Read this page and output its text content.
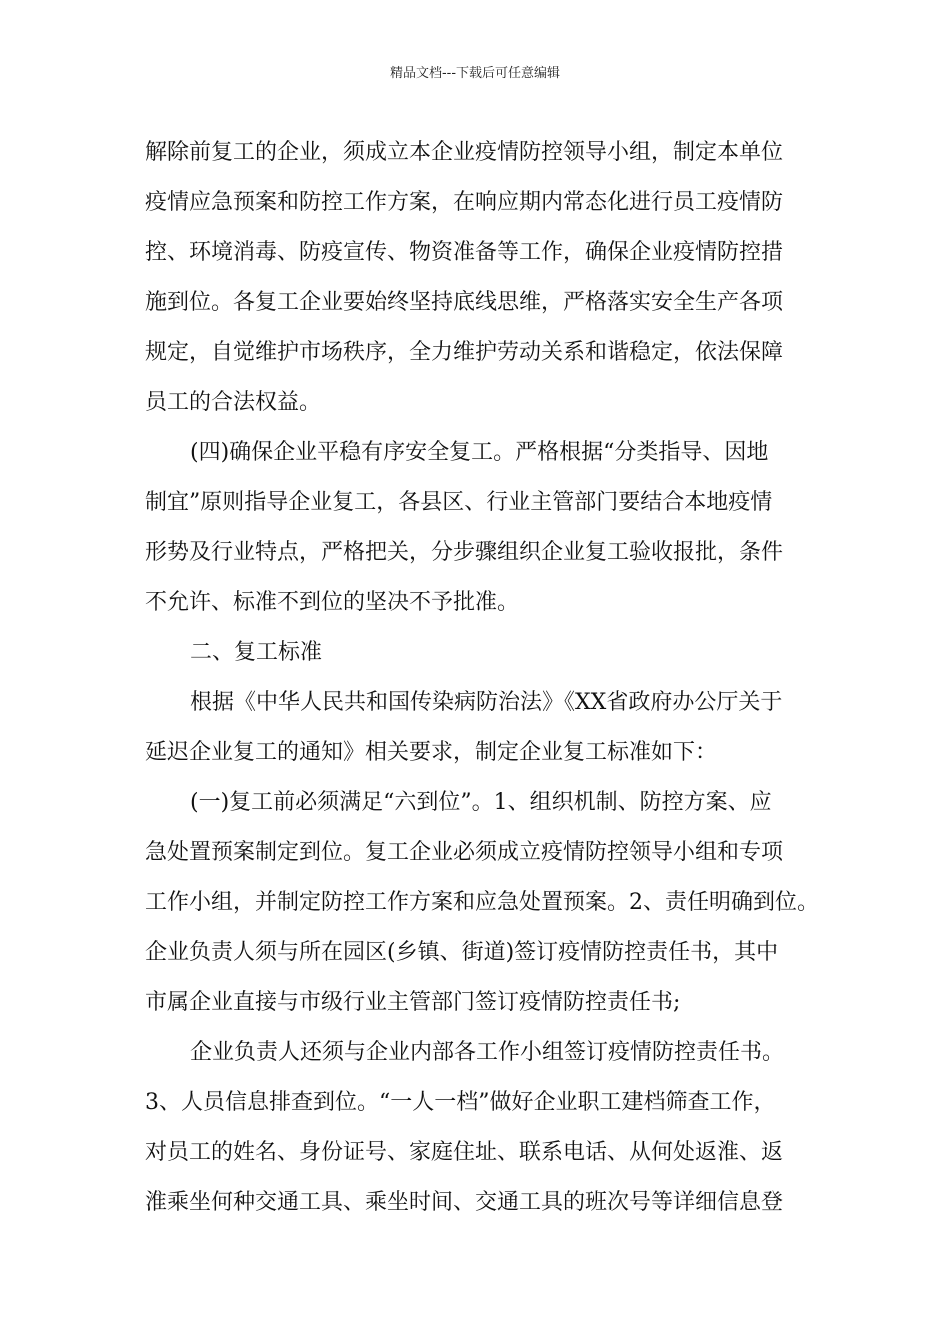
精品文档---下载后可任意编辑
解除前复工的企业，须成立本企业疫情防控领导小组，制定本单位
疫情应急预案和防控工作方案，在响应期内常态化进行员工疫情防
控、环境消毒、防疫宣传、物资准备等工作，确保企业疫情防控措
施到位。各复工企业要始终坚持底线思维，严格落实安全生产各项
规定，自觉维护市场秩序，全力维护劳动关系和谐稳定，依法保障
员工的合法权益。
(四)确保企业平稳有序安全复工。严格根据“分类指导、因地
制宜”原则指导企业复工，各县区、行业主管部门要结合本地疫情
形势及行业特点，严格把关，分步骤组织企业复工验收报批，条件
不允许、标准不到位的坚决不予批准。
二、复工标准
根据《中华人民共和国传染病防治法》《XX省政府办公厅关于
延迟企业复工的通知》相关要求，制定企业复工标准如下：
(一)复工前必须满足“六到位”。1、组织机制、防控方案、应
急处置预案制定到位。复工企业必须成立疫情防控领导小组和专项
工作小组，并制定防控工作方案和应急处置预案。2、责任明确到位。
企业负责人须与所在园区(乡镇、街道)签订疫情防控责任书，其中
市属企业直接与市级行业主管部门签订疫情防控责任书;
企业负责人还须与企业内部各工作小组签订疫情防控责任书。
3、人员信息排查到位。“一人一档”做好企业职工建档筛查工作，
对员工的姓名、身份证号、家庭住址、联系电话、从何处返淮、返
淮乘坐何种交通工具、乘坐时间、交通工具的班次号等详细信息登
